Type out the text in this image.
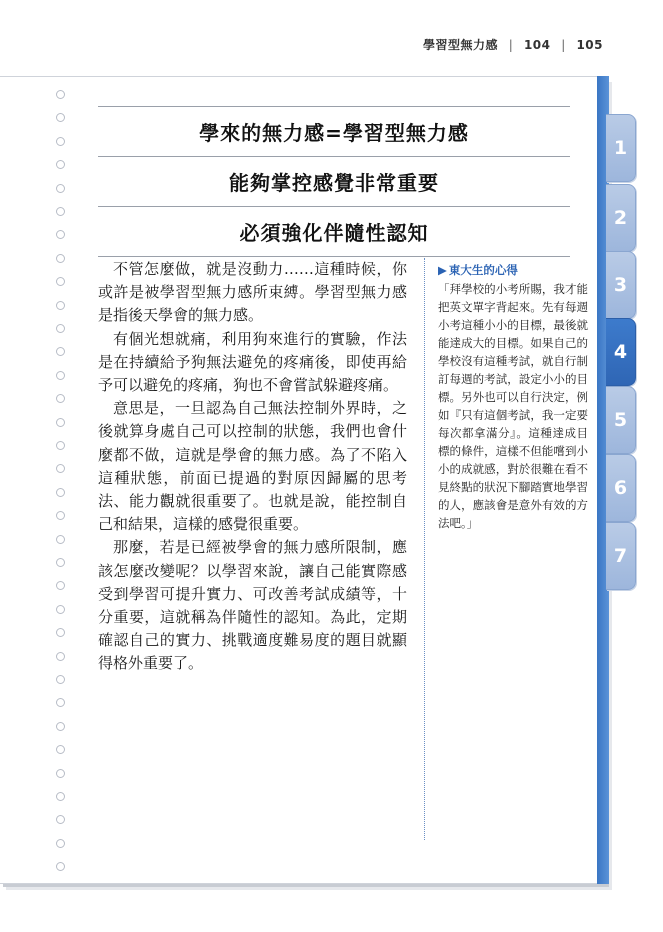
學習型無力感 | 104 | 105
學來的無力感=學習型無力感
能夠掌控感覺非常重要
必須強化伴隨性認知

不管怎麼做，就是沒動力……這種時候，你或許是被學習型無力感所束縛。學習型無力感是指後天學會的無力感。

有個光想就痛，利用狗來進行的實驗，作法是在持續給予狗無法避免的疼痛後，即使再給予可以避免的疼痛，狗也不會嘗試躲避疼痛。

意思是，一旦認為自己無法控制外界時，之後就算身處自己可以控制的狀態，我們也會什麼都不做，這就是學會的無力感。為了不陷入這種狀態，前面已提過的對原因歸屬的思考法、能力觀就很重要了。也就是說，能控制自己和結果，這樣的感覺很重要。

那麼，若是已經被學會的無力感所限制，應該怎麼改變呢？以學習來說，讓自己能實際感受到學習可提升實力、可改善考試成績等，十分重要，這就稱為伴隨性的認知。為此，定期確認自己的實力、挑戰適度難易度的題目就顯得格外重要了。

▶ 東大生的心得
「拜學校的小考所賜，我才能把英文單字背起來。先有每週小考這種小小的目標，最後就能達成大的目標。如果自己的學校沒有這種考試，就自行制訂每週的考試，設定小小的目標。另外也可以自行決定，例如『只有這個考試，我一定要每次都拿滿分』。這種達成目標的條件，這樣不但能嚐到小小的成就感，對於很難在看不見終點的狀況下腳踏實地學習的人，應該會是意外有效的方法吧。」
1
2
3
4
5
6
7
